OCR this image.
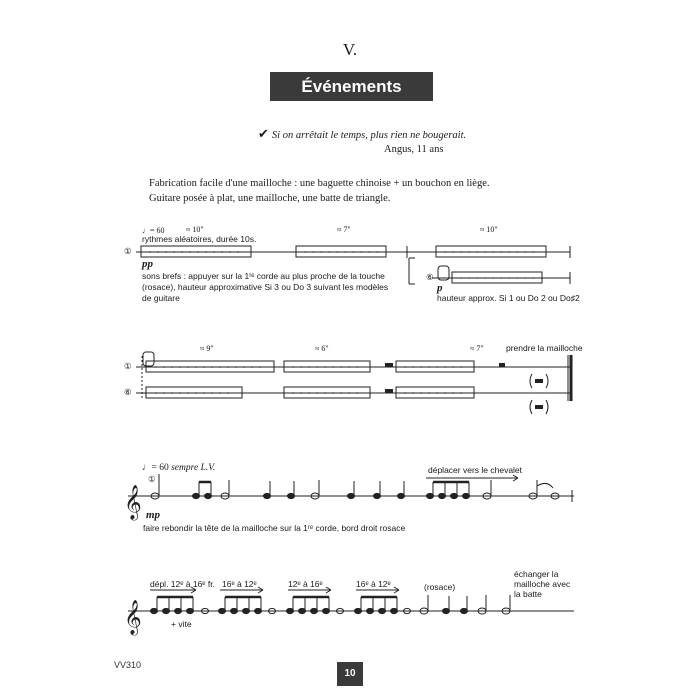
V.
Événements
✔ Si on arrêtait le temps, plus rien ne bougerait.
Angus, 11 ans
Fabrication facile d'une mailloche : une baguette chinoise + un bouchon en liège.
Guitare posée à plat, une mailloche, une batte de triangle.
𝄞
𝄞
♩= 60
rythmes aléatoires, durée 10s.
≈ 10"	≈ 7"	≈ 10"
①
⑥
pp
p
sons brefs : appuyer sur la 1ʳᵉ corde au plus proche de la touche
(rosace), hauteur approximative Si 3 ou Do 3 suivant les modèles
de guitare	hauteur approx. Si 1 ou Do 2 ou Do♯2
≈ 9"	≈ 6"	≈ 7"	prendre la mailloche
①
⑥
♩= 60 sempre L.V.
①
mp
déplacer vers le chevalet
faire rebondir la tête de la mailloche sur la 1ʳᵉ corde, bord droit rosace
dépl. 12ᵉ à 16ᵉ fr. 16ᵉ à 12ᵉ	12ᵉ à 16ᵉ	16ᵉ à 12ᵉ	(rosace)
échanger la
mailloche avec
la batte
+ vite
VV310
10
